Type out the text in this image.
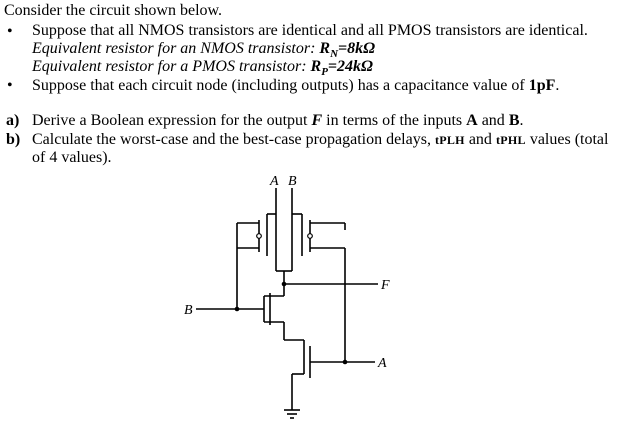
Consider the circuit shown below.
• Suppose that all NMOS transistors are identical and all PMOS transistors are identical.
Equivalent resistor for an NMOS transistor: $R_N=8k\Omega$
Equivalent resistor for a PMOS transistor: $R_P=24k\Omega$
• Suppose that each circuit node (including outputs) has a capacitance value of 1pF.
a) Derive a Boolean expression for the output F in terms of the inputs A and B.
b) Calculate the worst-case and the best-case propagation delays, tPLH and tPHL values (total
of 4 values).
A B
F
B
A
